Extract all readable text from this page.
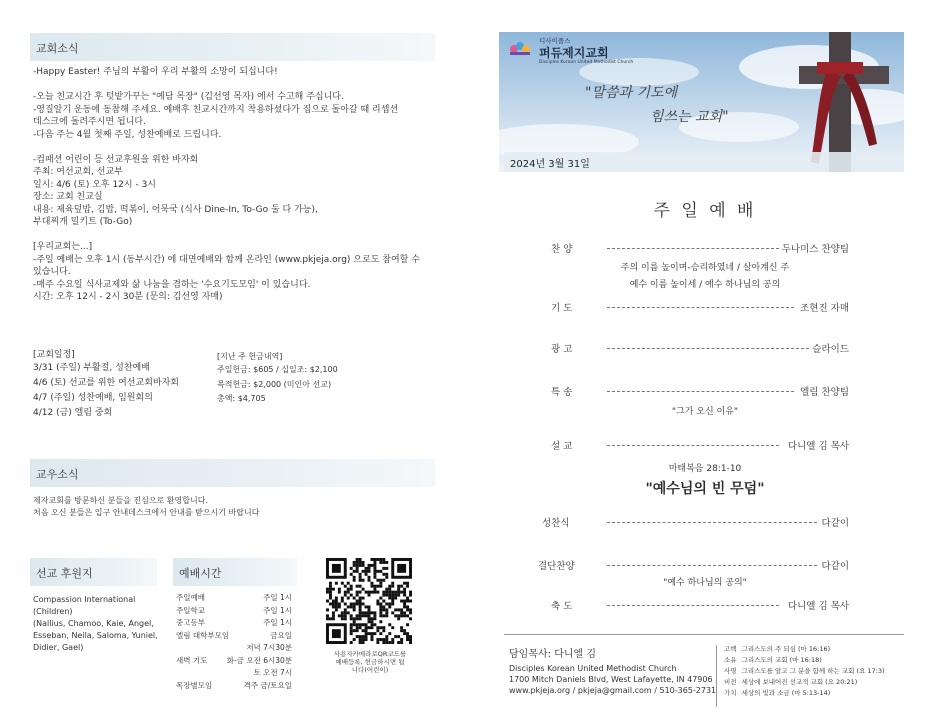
교회소식
-Happy Easter! 주님의 부활이 우리 부활의 소망이 되십니다!
-오늘 친교시간 후 텃밭가꾸는 "예담 목장" (김선영 목자) 에서 수고해 주십니다.
-영질알기 운동에 동참해 주세요. 예배후 친교시간까지 착용하셨다가 집으로 돌아갈 때 리셉션
데스크에 돌려주시면 됩니다.
-다음 주는 4월 첫째 주일, 성찬예배로 드립니다.
-컴패션 어린이 등 선교후원을 위한 바자회
주최: 여선교회, 선교부
일시: 4/6 (토) 오후 12시 - 3시
장소: 교회 친교실
내용: 제육덮밥, 김밥, 떡볶이, 어묵국 (식사 Dine-In, To-Go 둘 다 가능),
부대찌개 밀키트 (To-Go)
[우리교회는...]
-주일 예배는 오후 1시 (동부시간) 에 대면예배와 함께 온라인 (www.pkjeja.org) 으로도 참여할 수
있습니다.
-매주 수요일 식사교제와 삶 나눔을 겸하는 '수요기도모임' 이 있습니다.
시간: 오후 12시 - 2시 30분 (문의: 김선영 자매)
[교회일정]
3/31 (주일) 부활절, 성찬예배
4/6 (토) 선교를 위한 여선교회바자회
4/7 (주일) 성찬예배, 임원회의
4/12 (금) 엘림 중회
[지난 주 헌금내역]
주일헌금: $605 / 십일조: $2,100
목적헌금: $2,000 (미인아 선교)
총액: $4,705
교우소식
제자교회를 방문하신 분들을 진심으로 환영합니다.
처음 오신 분들은 입구 안내데스크에서 안내를 받으시기 바랍니다
선교 후원지
Compassion International
(Children)
(Nallius, Chamoo, Kaie, Angel,
Esseban, Neila, Saloma, Yuniel,
Didier, Gael)
예배시간
주일예배	주일 1시
주일학교	주일 1시
중고등부	주일 1시
엘림 대학부모임	금요일
저녁 7시30분
새벽 기도	화-금 오전 6시30분
토 오전 7시
목장별모임	격주 금/토요일
사용자카메라로QR코드를
예배등록, 헌금하시면 됩
니다(어린이)
디사이플스
퍼듀제지교회
Disciples Korean United Methodist Church
"말씀과 기도에
힘쓰는 교회"
2024년 3월 31일
주 일 예 배
찬 양	두나미스 찬양팀
기 도	조현진 자매
광 고	슬라이드
특 송	엘림 찬양팀
설 교	다니엘 김 목사
성찬식	다같이
결단찬양	다같이
축 도	다니엘 김 목사
주의 이름 높이며-승리하였네 / 살아계신 주
예수 이름 높이세 / 예수 하나님의 공의
"그가 오신 이유"
마태복음 28:1-10
"예수님의 빈 무덤"
"예수 하나님의 공의"
담임목사: 다니엘 김
Disciples Korean United Methodist Church
1700 Mitch Daniels Blvd, West Lafayette, IN 47906
www.pkjeja.org / pkjeja@gmail.com / 510-365-2731
고백 그리스도의 주 되심 (마 16:16)
소유 그리스도의 교회 (마 16:18)
사명 그리스도를 알고 그 분을 함께 하는 교회 (요 17:3)
비전 세상에 보내어진 선교적 교회 (요 20:21)
가치 세상의 빛과 소금 (마 5:13-14)
